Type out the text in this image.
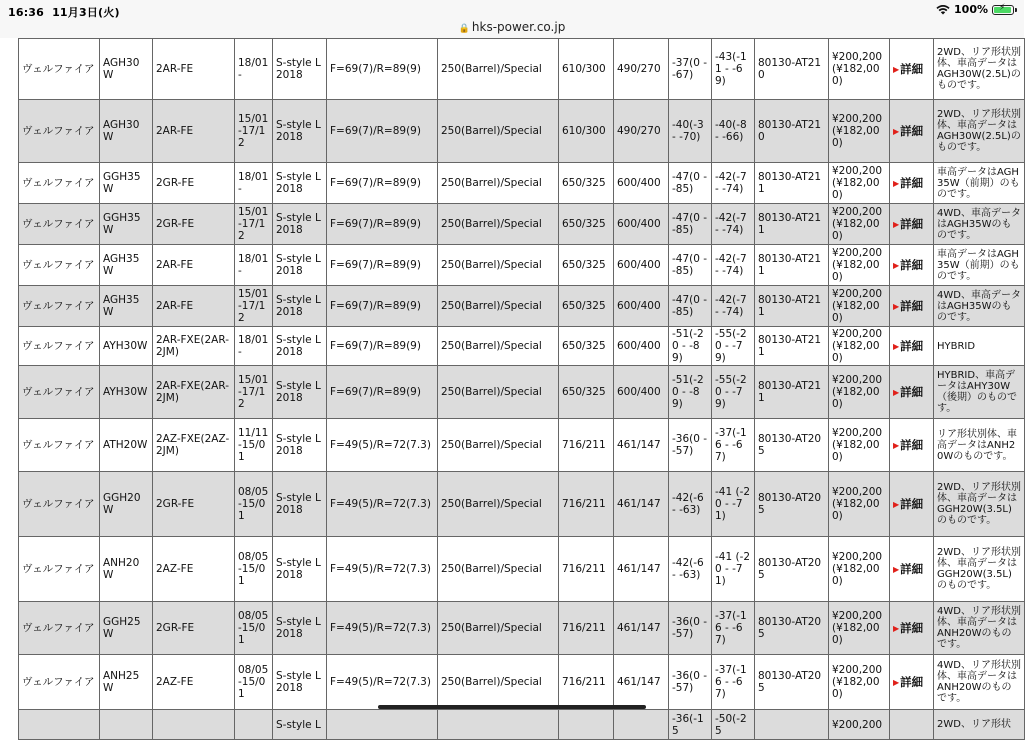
16:36 11月3日(火)	100% ⚡
🔒 hks-power.co.jp
ヴェルファイア	AGH30W	2AR-FE	18/01-	S-style L 2018	F=69(7)/R=89(9)	250(Barrel)/Special	610/300	490/270	-37(0 - -67)	-43(-11 - -69)	80130-AT210	¥200,200 (¥182,000)	▶詳細	2WD、リア形状別体、車高データはAGH30W(2.5L)のものです。
ヴェルファイア	AGH30W	2AR-FE	15/01-17/12	S-style L 2018	F=69(7)/R=89(9)	250(Barrel)/Special	610/300	490/270	-40(-3 - -70)	-40(-8 - -66)	80130-AT210	¥200,200 (¥182,000)	▶詳細	2WD、リア形状別体、車高データはAGH30W(2.5L)のものです。
ヴェルファイア	GGH35W	2GR-FE	18/01-	S-style L 2018	F=69(7)/R=89(9)	250(Barrel)/Special	650/325	600/400	-47(0 - -85)	-42(-7 - -74)	80130-AT211	¥200,200 (¥182,000)	▶詳細	車高データはAGH35W（前期）のものです。
ヴェルファイア	GGH35W	2GR-FE	15/01-17/12	S-style L 2018	F=69(7)/R=89(9)	250(Barrel)/Special	650/325	600/400	-47(0 - -85)	-42(-7 - -74)	80130-AT211	¥200,200 (¥182,000)	▶詳細	4WD、車高データはAGH35Wのものです。
ヴェルファイア	AGH35W	2AR-FE	18/01-	S-style L 2018	F=69(7)/R=89(9)	250(Barrel)/Special	650/325	600/400	-47(0 - -85)	-42(-7 - -74)	80130-AT211	¥200,200 (¥182,000)	▶詳細	車高データはAGH35W（前期）のものです。
ヴェルファイア	AGH35W	2AR-FE	15/01-17/12	S-style L 2018	F=69(7)/R=89(9)	250(Barrel)/Special	650/325	600/400	-47(0 - -85)	-42(-7 - -74)	80130-AT211	¥200,200 (¥182,000)	▶詳細	4WD、車高データはAGH35Wのものです。
ヴェルファイア	AYH30W	2AR-FXE(2AR-2JM)	18/01-	S-style L 2018	F=69(7)/R=89(9)	250(Barrel)/Special	650/325	600/400	-51(-20 - -89)	-55(-20 - -79)	80130-AT211	¥200,200 (¥182,000)	▶詳細	HYBRID
ヴェルファイア	AYH30W	2AR-FXE(2AR-2JM)	15/01-17/12	S-style L 2018	F=69(7)/R=89(9)	250(Barrel)/Special	650/325	600/400	-51(-20 - -89)	-55(-20 - -79)	80130-AT211	¥200,200 (¥182,000)	▶詳細	HYBRID、車高データはAHY30W（後期）のものです。
ヴェルファイア	ATH20W	2AZ-FXE(2AZ-2JM)	11/11-15/01	S-style L 2018	F=49(5)/R=72(7.3)	250(Barrel)/Special	716/211	461/147	-36(0 - -57)	-37(-16 - -67)	80130-AT205	¥200,200 (¥182,000)	▶詳細	リア形状別体、車高データはANH20Wのものです。
ヴェルファイア	GGH20W	2GR-FE	08/05-15/01	S-style L 2018	F=49(5)/R=72(7.3)	250(Barrel)/Special	716/211	461/147	-42(-6 - -63)	-41 (-20 - -71)	80130-AT205	¥200,200 (¥182,000)	▶詳細	2WD、リア形状別体、車高データはGGH20W(3.5L)のものです。
ヴェルファイア	ANH20W	2AZ-FE	08/05-15/01	S-style L 2018	F=49(5)/R=72(7.3)	250(Barrel)/Special	716/211	461/147	-42(-6 - -63)	-41 (-20 - -71)	80130-AT205	¥200,200 (¥182,000)	▶詳細	2WD、リア形状別体、車高データはGGH20W(3.5L)のものです。
ヴェルファイア	GGH25W	2GR-FE	08/05-15/01	S-style L 2018	F=49(5)/R=72(7.3)	250(Barrel)/Special	716/211	461/147	-36(0 - -57)	-37(-16 - -67)	80130-AT205	¥200,200 (¥182,000)	▶詳細	4WD、リア形状別体、車高データはANH20Wのものです。
ヴェルファイア	ANH25W	2AZ-FE	08/05-15/01	S-style L 2018	F=49(5)/R=72(7.3)	250(Barrel)/Special	716/211	461/147	-36(0 - -57)	-37(-16 - -67)	80130-AT205	¥200,200 (¥182,000)	▶詳細	4WD、リア形状別体、車高データはANH20Wのものです。
				S-style L					-36(-15	-50(-25		¥200,200		2WD、リア形状
